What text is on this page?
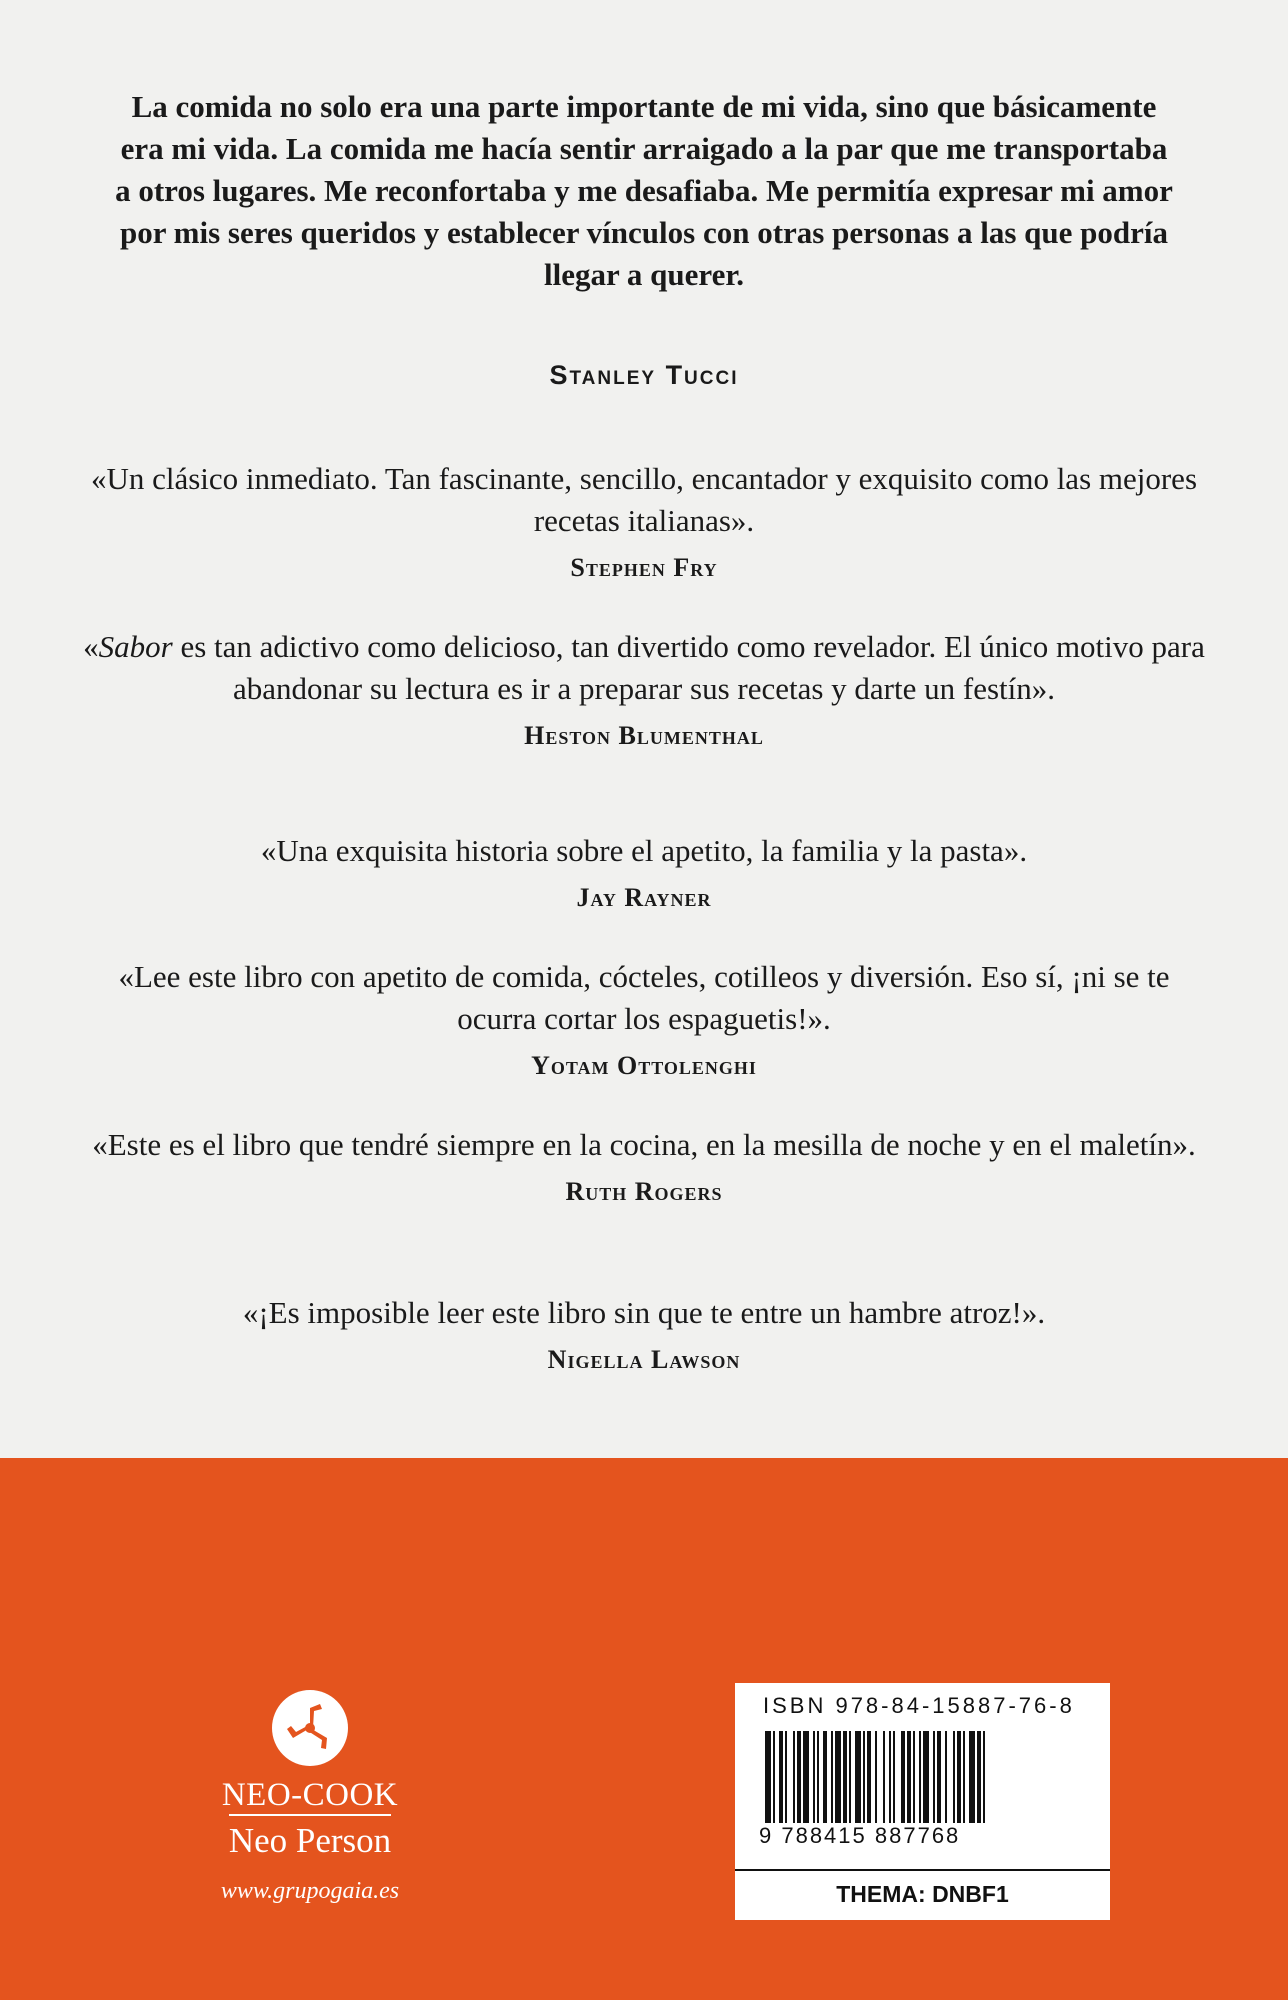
La comida no solo era una parte importante de mi vida, sino que básicamente era mi vida. La comida me hacía sentir arraigado a la par que me transportaba a otros lugares. Me reconfortaba y me desafiaba. Me permitía expresar mi amor por mis seres queridos y establecer vínculos con otras personas a las que podría llegar a querer.
Stanley Tucci
«Un clásico inmediato. Tan fascinante, sencillo, encantador y exquisito como las mejores recetas italianas».
Stephen Fry
«Sabor es tan adictivo como delicioso, tan divertido como revelador. El único motivo para abandonar su lectura es ir a preparar sus recetas y darte un festín».
Heston Blumenthal
«Una exquisita historia sobre el apetito, la familia y la pasta».
Jay Rayner
«Lee este libro con apetito de comida, cócteles, cotilleos y diversión. Eso sí, ¡ni se te ocurra cortar los espaguetis!».
Yotam Ottolenghi
«Este es el libro que tendré siempre en la cocina, en la mesilla de noche y en el maletín».
Ruth Rogers
«¡Es imposible leer este libro sin que te entre un hambre atroz!».
Nigella Lawson
NEO-COOK
Neo Person
www.grupogaia.es
ISBN 978-84-15887-76-8
9 788415 887768
THEMA: DNBF1
